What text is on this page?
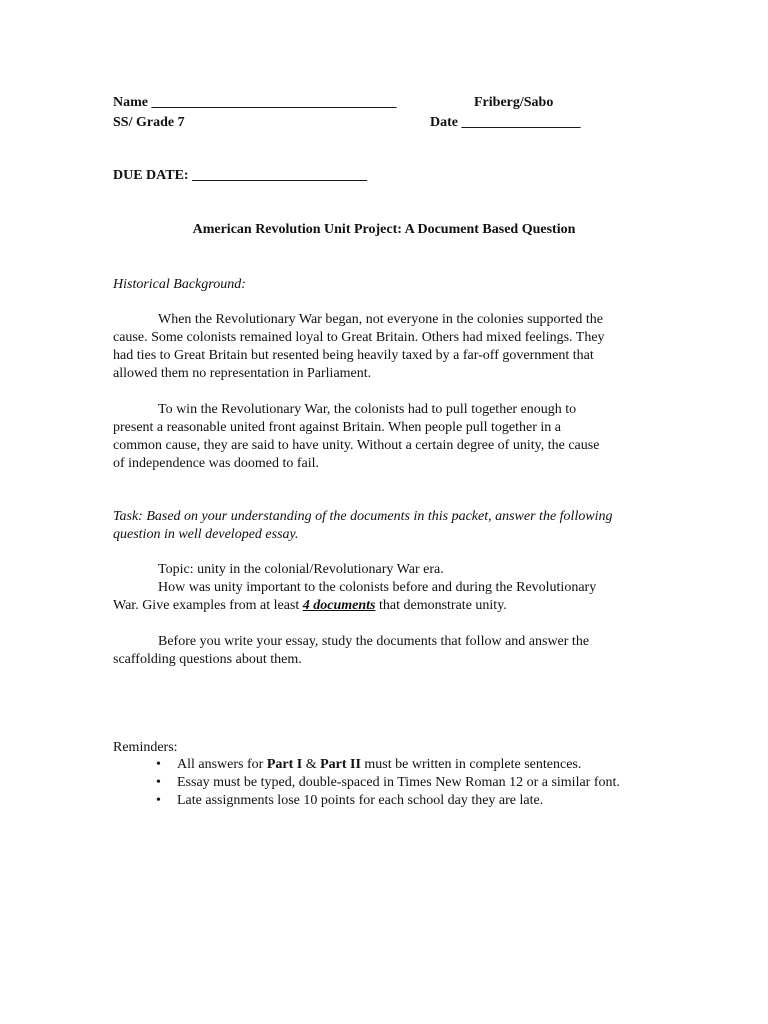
Name ___________________________________	Friberg/Sabo
SS/ Grade 7	Date _________________
DUE DATE: _________________________
American Revolution Unit Project: A Document Based Question
Historical Background:
When the Revolutionary War began, not everyone in the colonies supported the
cause. Some colonists remained loyal to Great Britain. Others had mixed feelings. They
had ties to Great Britain but resented being heavily taxed by a far-off government that
allowed them no representation in Parliament.
To win the Revolutionary War, the colonists had to pull together enough to
present a reasonable united front against Britain. When people pull together in a
common cause, they are said to have unity. Without a certain degree of unity, the cause
of independence was doomed to fail.
Task: Based on your understanding of the documents in this packet, answer the following
question in well developed essay.
Topic: unity in the colonial/Revolutionary War era.
How was unity important to the colonists before and during the Revolutionary
War. Give examples from at least 4 documents that demonstrate unity.
Before you write your essay, study the documents that follow and answer the
scaffolding questions about them.
Reminders:
• All answers for Part I & Part II must be written in complete sentences.
• Essay must be typed, double-spaced in Times New Roman 12 or a similar font.
• Late assignments lose 10 points for each school day they are late.
